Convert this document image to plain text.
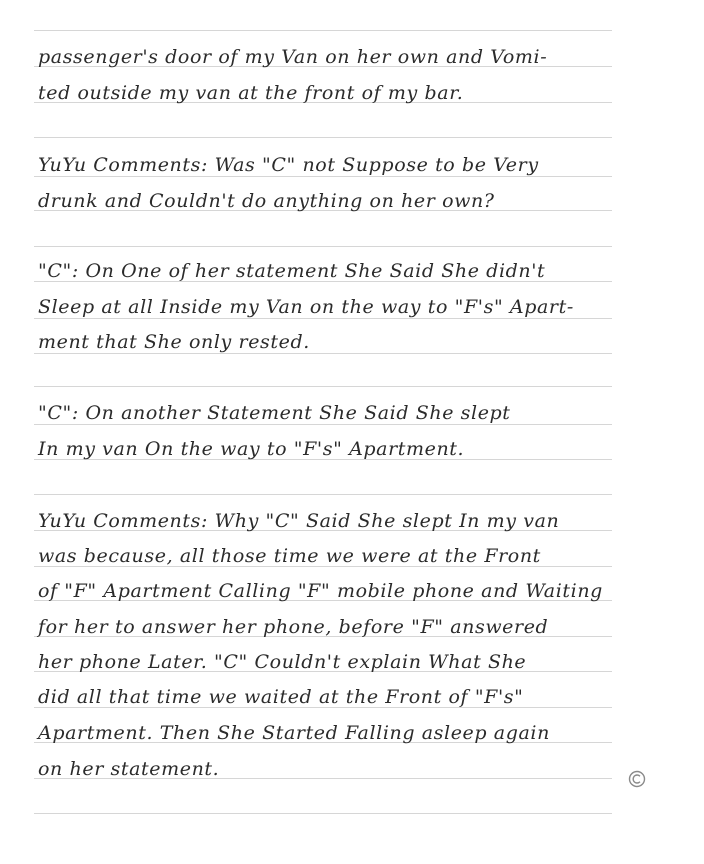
passenger's door of my Van on her own and Vomi-
ted outside my van at the front of my bar.
YuYu Comments: Was "C" not Suppose to be Very
drunk and Couldn't do anything on her own?
"C": On One of her statement She Said She didn't
Sleep at all Inside my Van on the way to "F's" Apart-
ment that She only rested.
"C": On another Statement She Said She slept
In my van On the way to "F's" Apartment.
YuYu Comments: Why "C" Said She slept In my van
was because, all those time we were at the Front
of "F" Apartment Calling "F" mobile phone and Waiting
for her to answer her phone, before "F" answered
her phone Later. "C" Couldn't explain What She
did all that time we waited at the Front of "F's"
Apartment. Then She Started Falling asleep again
on her statement.
